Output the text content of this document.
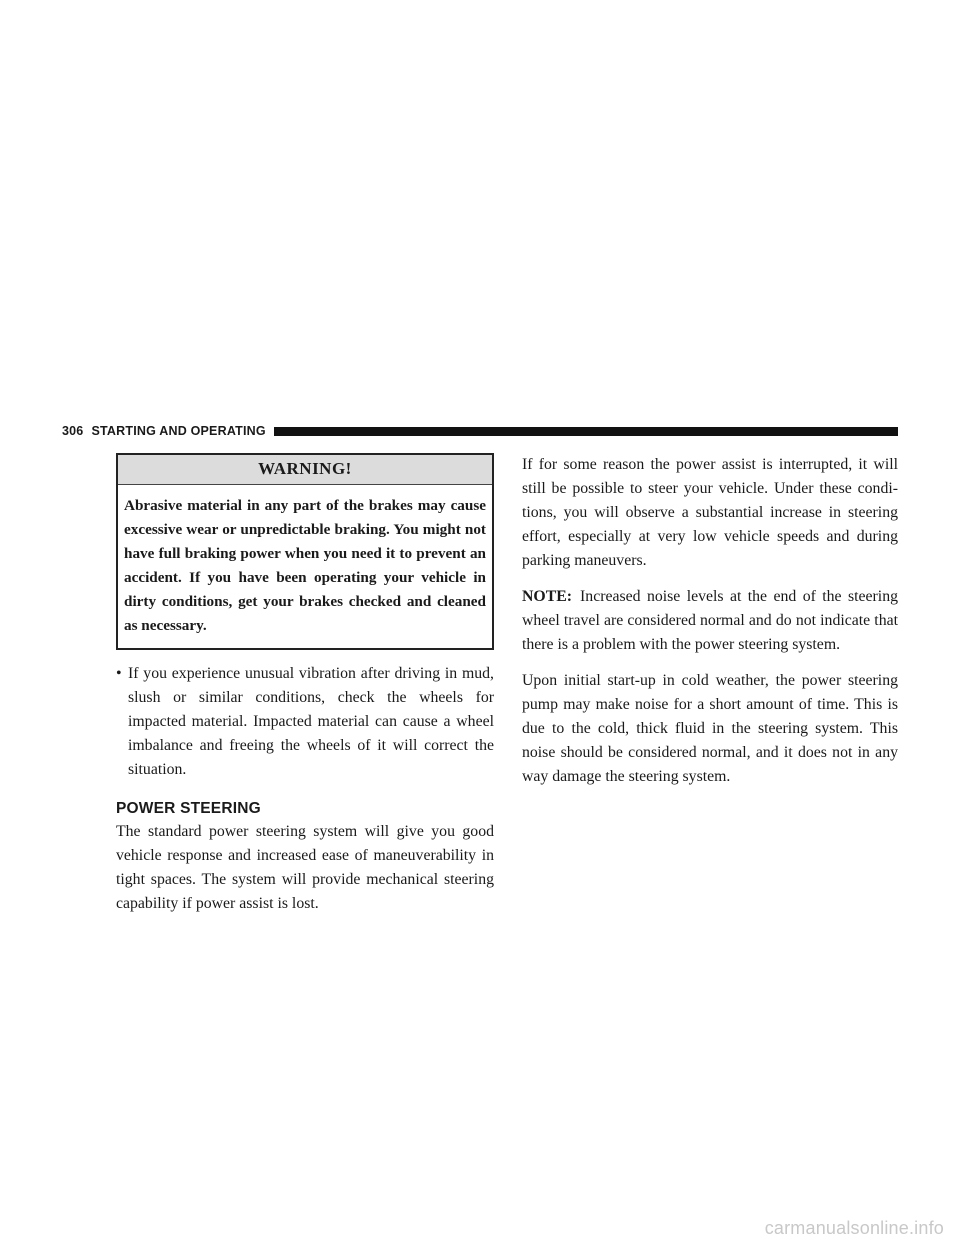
306 STARTING AND OPERATING
WARNING!
Abrasive material in any part of the brakes may cause excessive wear or unpredictable braking. You might not have full braking power when you need it to prevent an accident. If you have been operating your vehicle in dirty conditions, get your brakes checked and cleaned as necessary.
• If you experience unusual vibration after driving in mud, slush or similar conditions, check the wheels for impacted material. Impacted material can cause a wheel imbalance and freeing the wheels of it will correct the situation.
POWER STEERING

The standard power steering system will give you good vehicle response and increased ease of maneuverability in tight spaces. The system will provide mechanical steering capability if power assist is lost.

If for some reason the power assist is interrupted, it will still be possible to steer your vehicle. Under these condi- tions, you will observe a substantial increase in steering effort, especially at very low vehicle speeds and during parking maneuvers.

NOTE: Increased noise levels at the end of the steering wheel travel are considered normal and do not indicate that there is a problem with the power steering system.

Upon initial start-up in cold weather, the power steering pump may make noise for a short amount of time. This is due to the cold, thick fluid in the steering system. This noise should be considered normal, and it does not in any way damage the steering system.

carmanualsonline.info
